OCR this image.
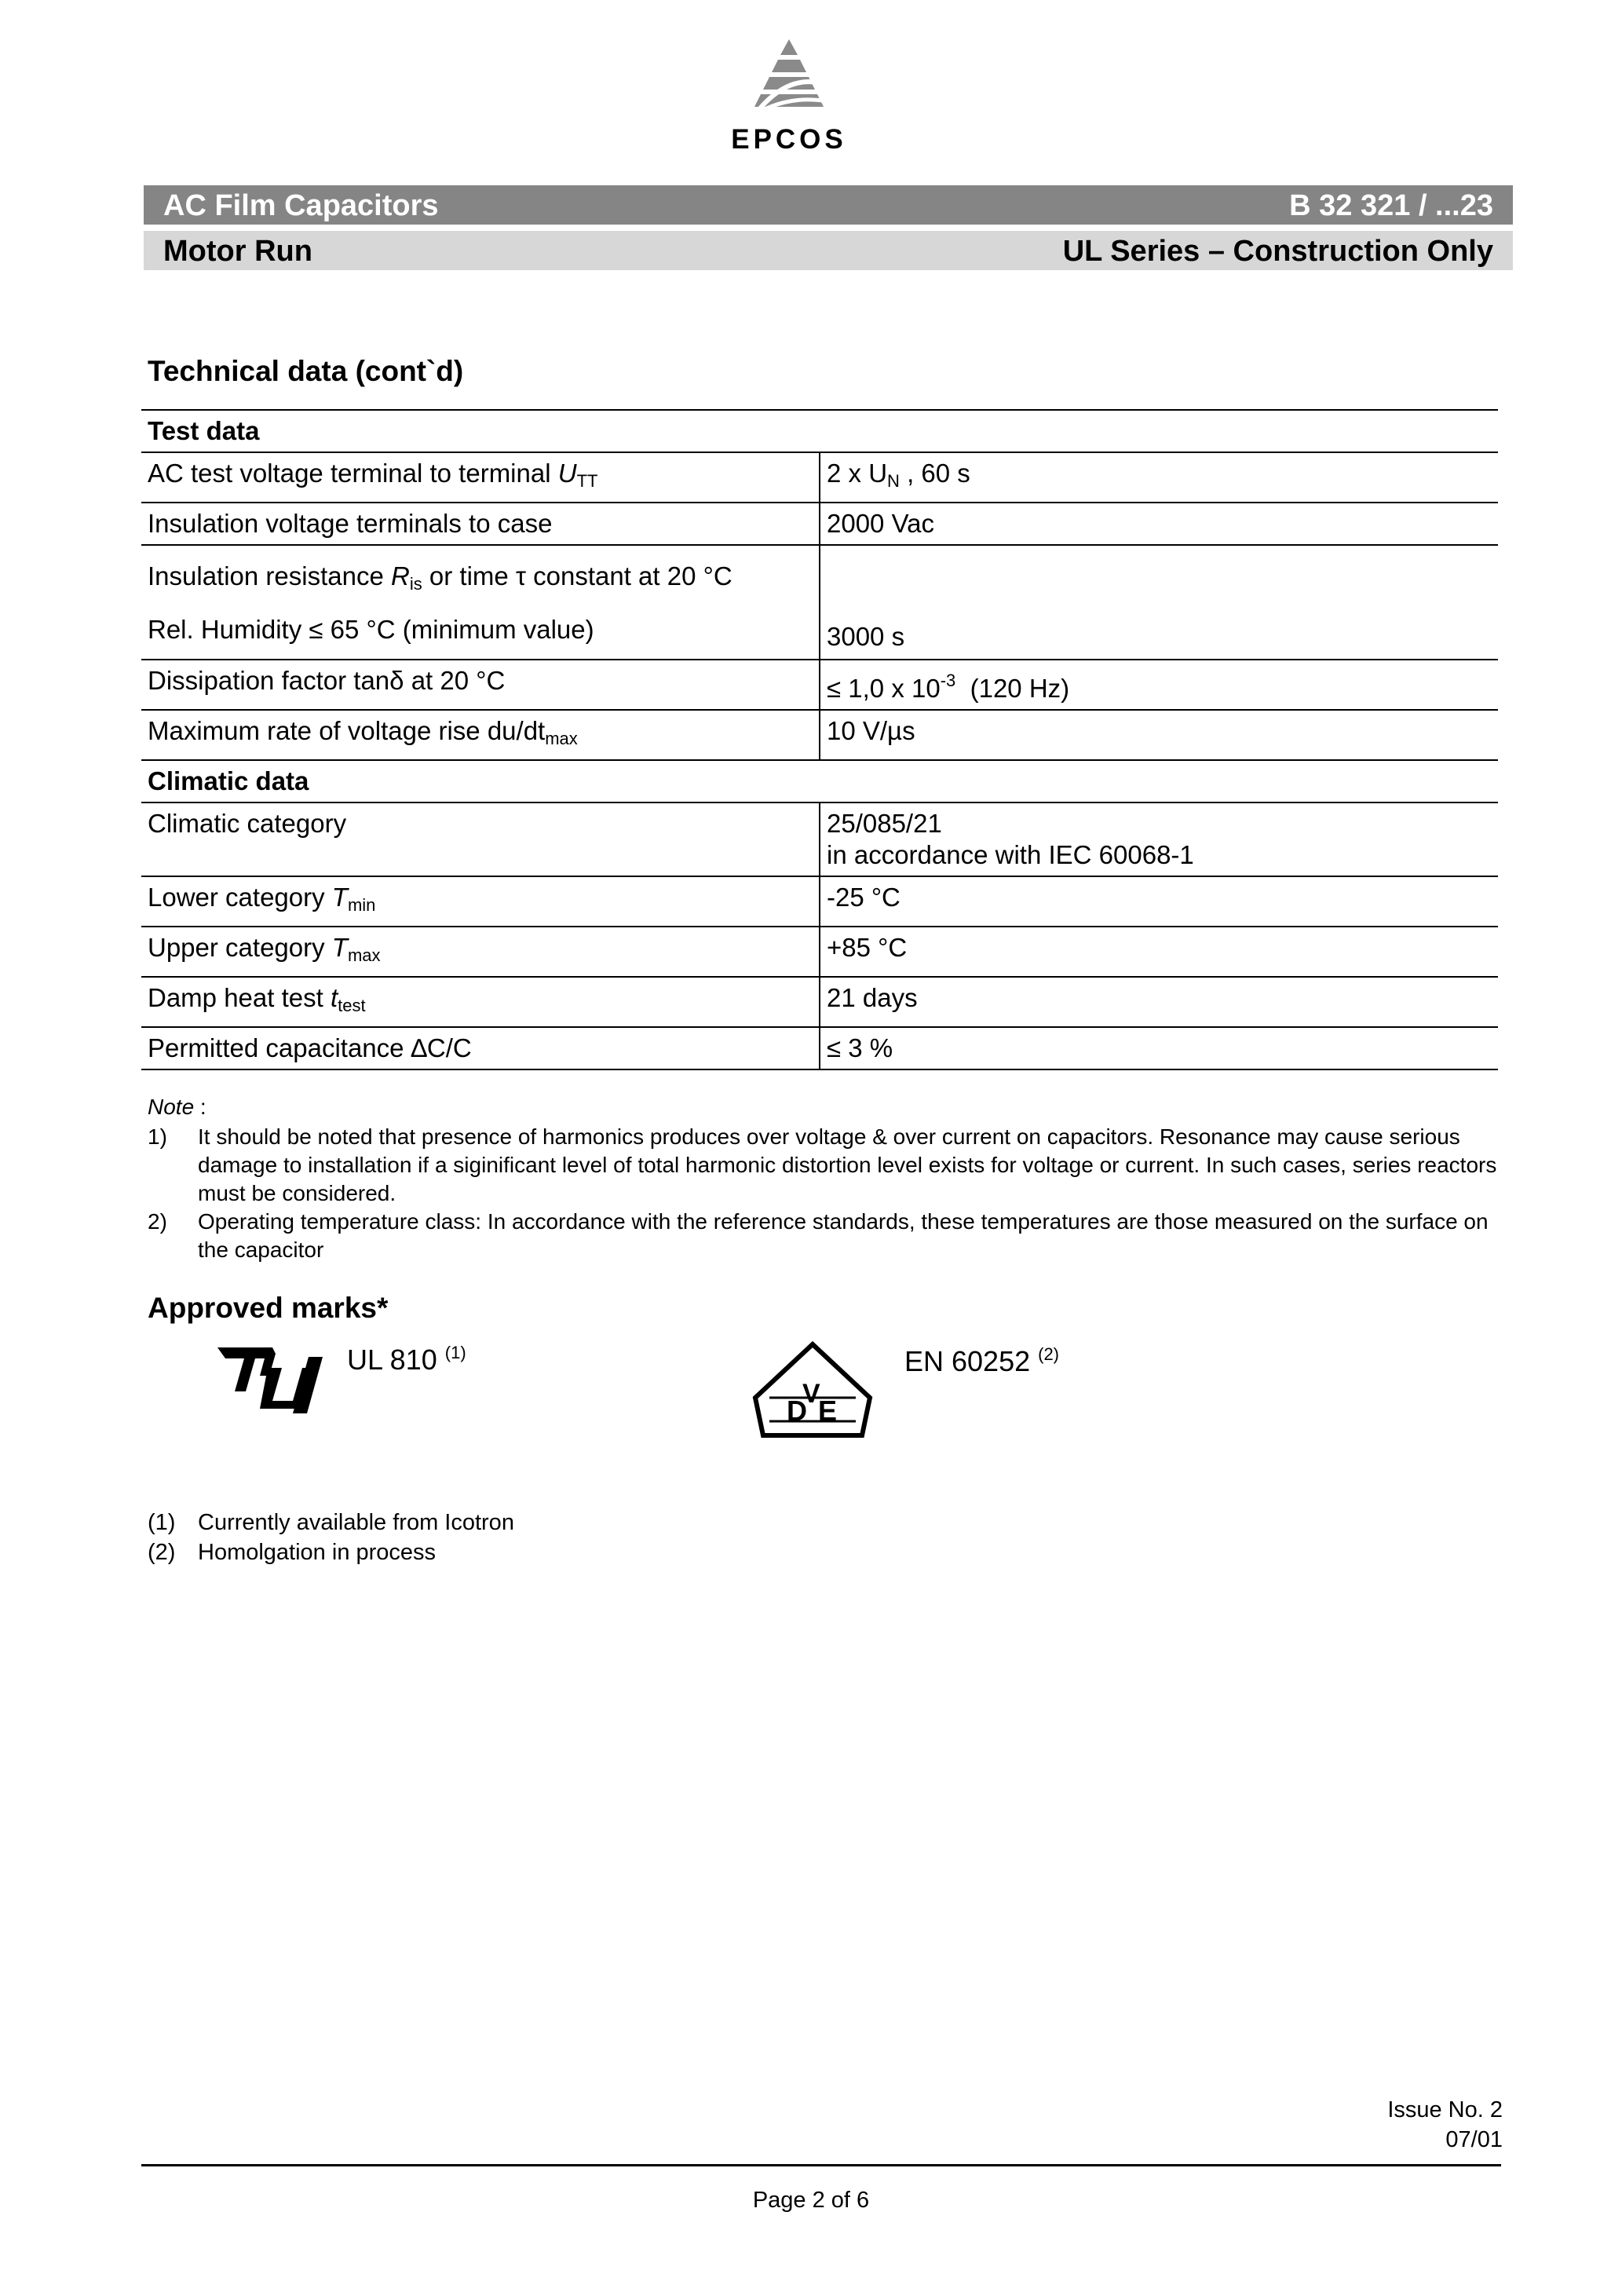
EPCOS
AC Film Capacitors	B 32 321 / ...23
Motor Run	UL Series – Construction Only
Technical data (cont`d)
Test data	
AC test voltage terminal to terminal $U_{TT}$	2 x $U_N$ , 60 s
Insulation voltage terminals to case	2000 Vac
Insulation resistance $R_{is}$ or time τ constant at 20 °C
Rel. Humidity ≤ 65 °C (minimum value)	3000 s
Dissipation factor tanδ at 20 °C	≤ 1,0 x $10^{-3}$  (120 Hz)
Maximum rate of voltage rise $du/dt_{max}$	10 V/µs
Climatic data	
Climatic category	25/085/21
in accordance with IEC 60068-1
Lower category $T_{min}$	-25 °C
Upper category $T_{max}$	+85 °C
Damp heat test $t_{test}$	21 days
Permitted capacitance ∆C/C	≤ 3 %
Note :
1)	It should be noted that presence of harmonics produces over voltage & over current on capacitors. Resonance may cause serious damage to installation if a siginificant level of total harmonic distortion level exists for voltage or current. In such cases, series reactors must be considered.
2)	Operating temperature class: In accordance with the reference standards, these temperatures are those measured on the surface on the capacitor
Approved marks*
UL 810 $^{(1)}$
D
V
E
EN 60252 $^{(2)}$
(1) Currently available from Icotron
(2) Homolgation in process
Issue No. 2
07/01
Page 2 of 6
